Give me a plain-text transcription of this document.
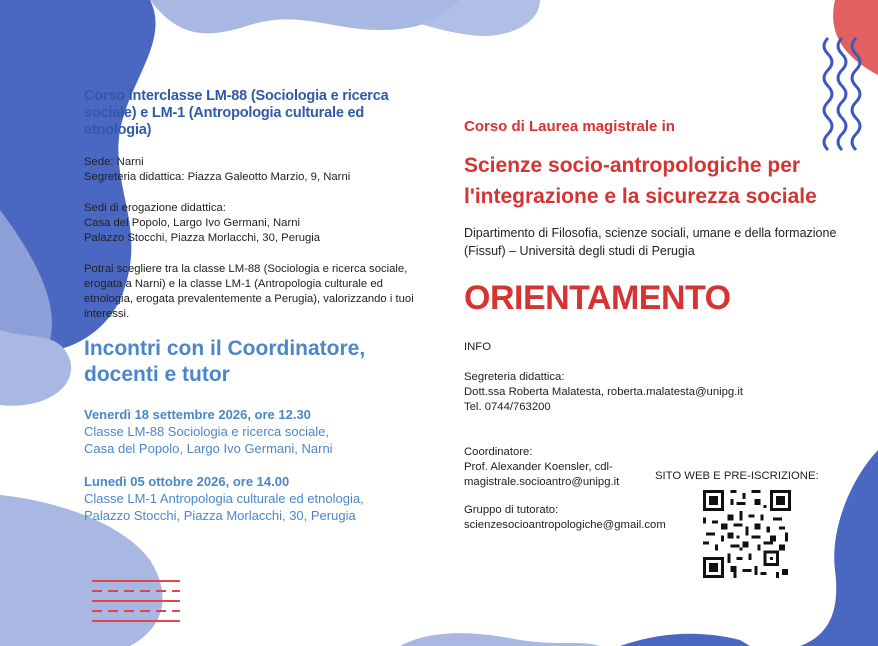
Corso interclasse LM-88 (Sociologia e ricerca sociale) e LM-1 (Antropologia culturale ed etnologia)

Sede: Narni

Segreteria didattica: Piazza Galeotto Marzio, 9, Narni

Sedi di erogazione didattica:

Casa del Popolo, Largo Ivo Germani, Narni

Palazzo Stocchi, Piazza Morlacchi, 30, Perugia

Potrai scegliere tra la classe LM-88 (Sociologia e ricerca sociale, erogata a Narni) e la classe LM-1 (Antropologia culturale ed etnologia, erogata prevalentemente a Perugia), valorizzando i tuoi interessi.

Incontri con il Coordinatore, docenti e tutor

Venerdì 18 settembre 2026, ore 12.30

Classe LM-88 Sociologia e ricerca sociale,

Casa del Popolo, Largo Ivo Germani, Narni

Lunedì 05 ottobre 2026, ore 14.00

Classe LM-1 Antropologia culturale ed etnologia,

Palazzo Stocchi, Piazza Morlacchi, 30, Perugia

Corso di Laurea magistrale in

Scienze socio-antropologiche per l'integrazione e la sicurezza sociale

Dipartimento di Filosofia, scienze sociali, umane e della formazione (Fissuf) – Università degli studi di Perugia

ORIENTAMENTO

INFO

Segreteria didattica:

Dott.ssa Roberta Malatesta, roberta.malatesta@unipg.it

Tel. 0744/763200

Coordinatore:

Prof. Alexander Koensler, cdl-

magistrale.socioantro@unipg.it

Gruppo di tutorato:

scienzesocioantropologiche@gmail.com

SITO WEB E PRE-ISCRIZIONE:
